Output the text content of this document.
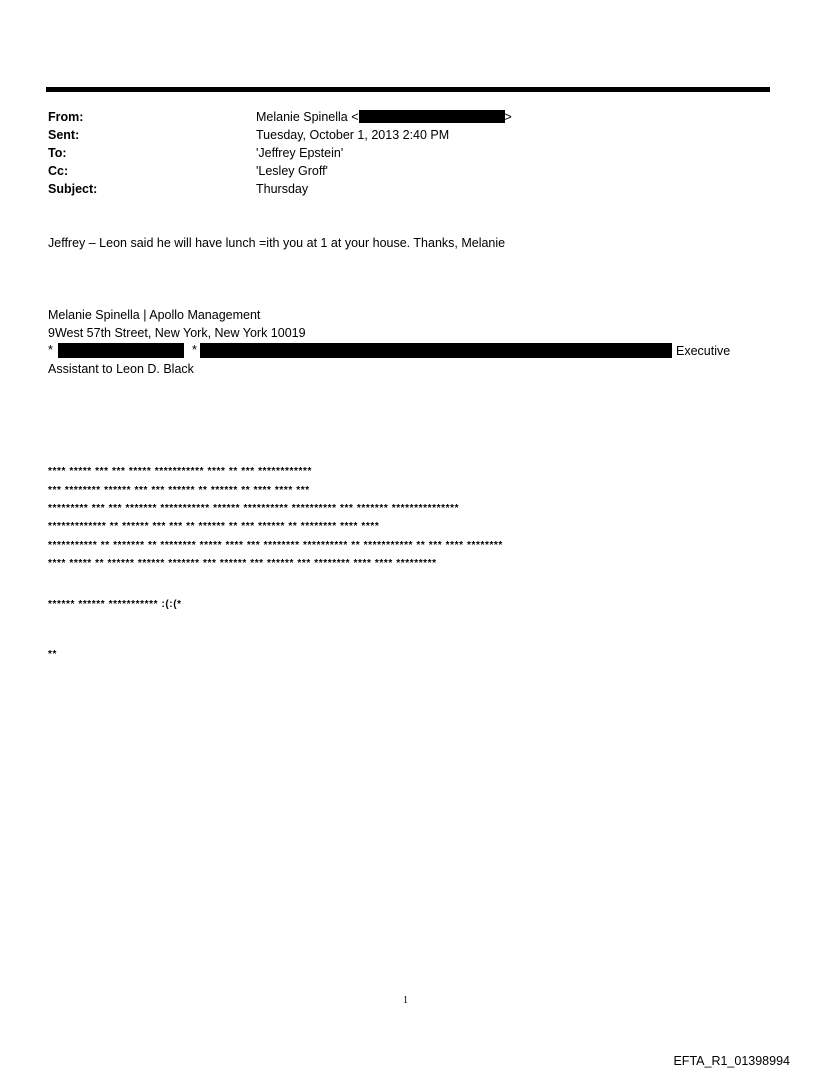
From:	Melanie Spinella <	>
Sent:	Tuesday, October 1, 2013 2:40 PM
To:	'Jeffrey Epstein'
Cc:	'Lesley Groff'
Subject:	Thursday
Jeffrey – Leon said he will have lunch =ith you at 1 at your house. Thanks, Melanie
Melanie Spinella | Apollo Management
9West 57th Street, New York, New York 10019
*	*	Executive
Assistant to Leon D. Black
**** ***** *** *** ***** *********** **** ** *** ************
*** ******** ****** *** *** ****** ** ****** ** **** **** ***
********* *** *** ******* *********** ****** ********** ********** *** ******* ***************
************* ** ****** *** *** ** ****** ** *** ****** ** ******** **** ****
*********** ** ******* ** ******** ***** **** *** ******** ********** ** *********** ** *** **** ********
**** ***** ** ****** ****** ******* *** ****** *** ****** *** ******** **** **** *********
****** ****** *********** :(:(*
**
1
EFTA_R1_01398994
